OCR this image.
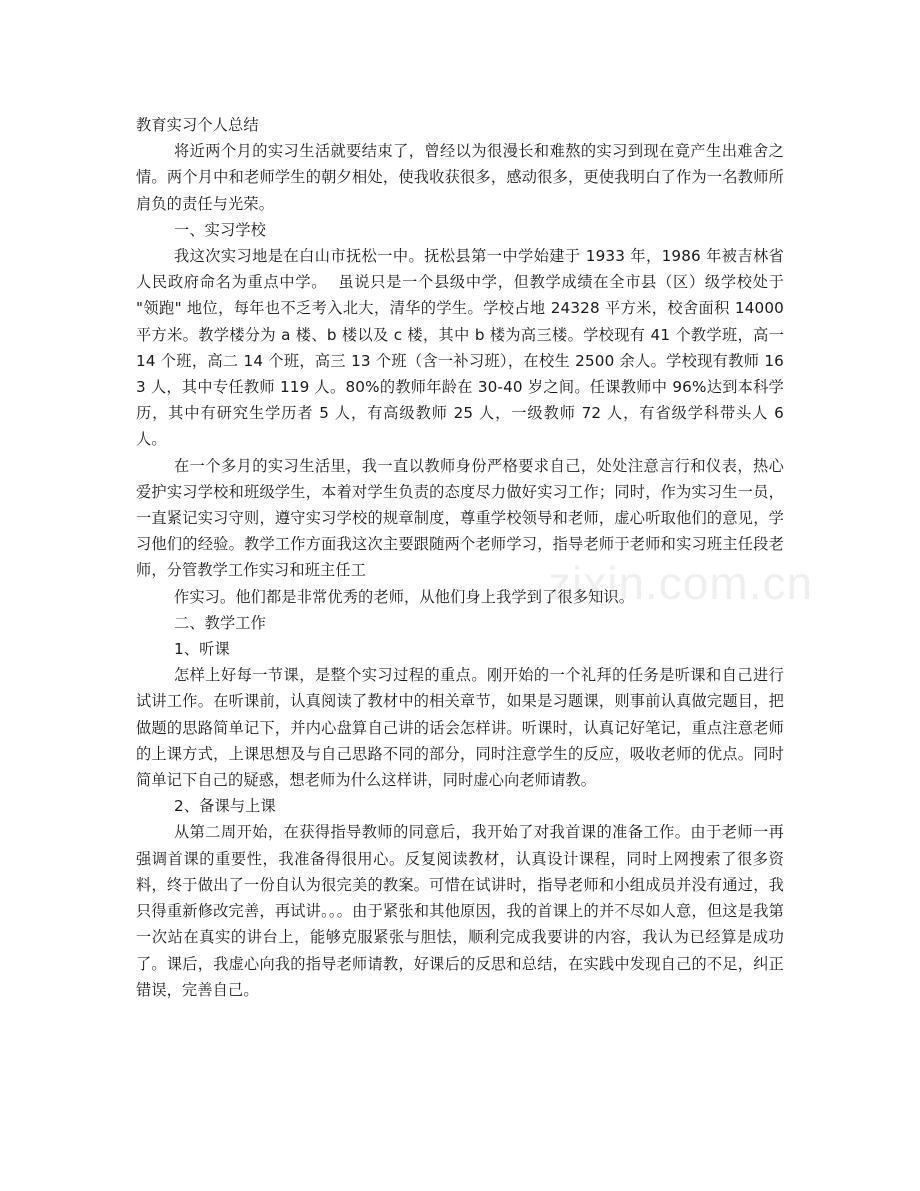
zixin.com.cn

教育实习个人总结

将近两个月的实习生活就要结束了，曾经以为很漫长和难熬的实习到现在竟产生出难舍之情。两个月中和老师学生的朝夕相处，使我收获很多，感动很多，更使我明白了作为一名教师所肩负的责任与光荣。

一、实习学校

我这次实习地是在白山市抚松一中。抚松县第一中学始建于 1933 年，1986 年被吉林省人民政府命名为重点中学。  虽说只是一个县级中学，但教学成绩在全市县（区）级学校处于 "领跑" 地位，每年也不乏考入北大，清华的学生。学校占地 24328 平方米，校舍面积 14000 平方米。教学楼分为 a 楼、b 楼以及 c 楼，其中 b 楼为高三楼。学校现有 41 个教学班，高一 14 个班，高二 14 个班，高三 13 个班（含一补习班），在校生 2500 余人。学校现有教师 163 人，其中专任教师 119 人。80%的教师年龄在 30-40 岁之间。任课教师中 96%达到本科学历，其中有研究生学历者 5 人，有高级教师 25 人，一级教师 72 人，有省级学科带头人 6 人。

在一个多月的实习生活里，我一直以教师身份严格要求自己，处处注意言行和仪表，热心爱护实习学校和班级学生，本着对学生负责的态度尽力做好实习工作；同时，作为实习生一员，一直紧记实习守则，遵守实习学校的规章制度，尊重学校领导和老师，虚心听取他们的意见，学习他们的经验。教学工作方面我这次主要跟随两个老师学习，指导老师于老师和实习班主任段老师，分管教学工作实习和班主任工

作实习。他们都是非常优秀的老师，从他们身上我学到了很多知识。

二、教学工作

1、听课

怎样上好每一节课，是整个实习过程的重点。刚开始的一个礼拜的任务是听课和自己进行试讲工作。在听课前，认真阅读了教材中的相关章节，如果是习题课，则事前认真做完题目，把做题的思路简单记下，并内心盘算自己讲的话会怎样讲。听课时，认真记好笔记，重点注意老师的上课方式，上课思想及与自己思路不同的部分，同时注意学生的反应，吸收老师的优点。同时简单记下自己的疑惑，想老师为什么这样讲，同时虚心向老师请教。

2、备课与上课

从第二周开始，在获得指导教师的同意后，我开始了对我首课的准备工作。由于老师一再强调首课的重要性，我准备得很用心。反复阅读教材，认真设计课程，同时上网搜索了很多资料，终于做出了一份自认为很完美的教案。可惜在试讲时，指导老师和小组成员并没有通过，我只得重新修改完善，再试讲。。。由于紧张和其他原因，我的首课上的并不尽如人意，但这是我第一次站在真实的讲台上，能够克服紧张与胆怯，顺利完成我要讲的内容，我认为已经算是成功了。课后，我虚心向我的指导老师请教，好课后的反思和总结，在实践中发现自己的不足，纠正错误，完善自己。
